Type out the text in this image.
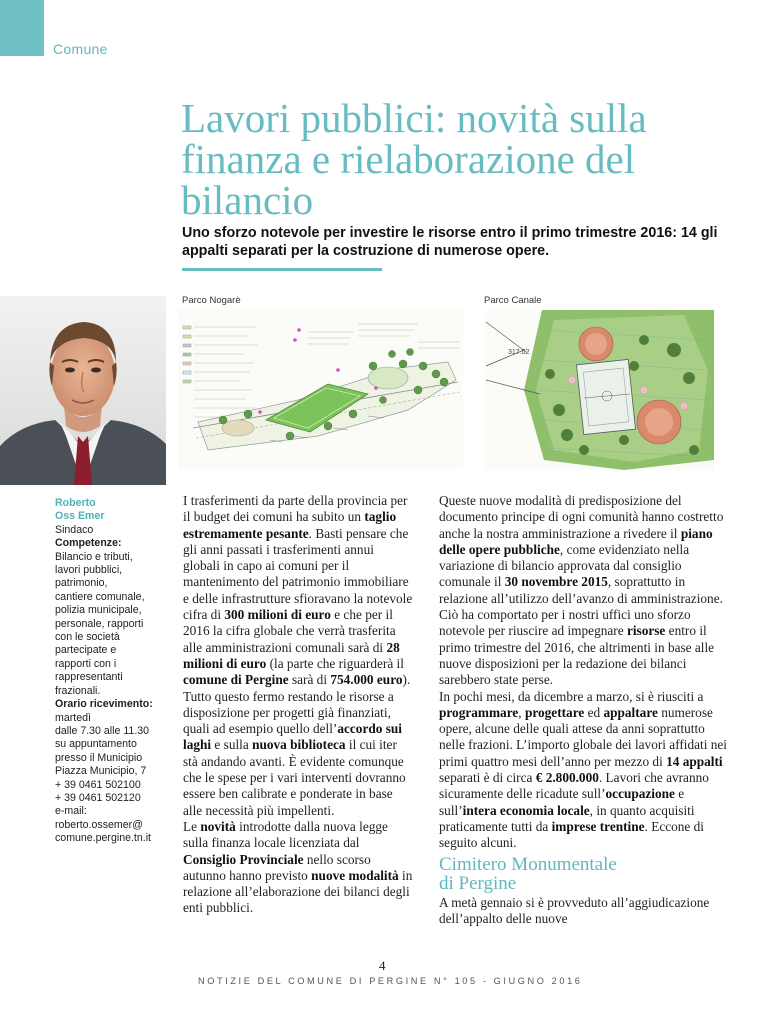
Comune
Lavori pubblici: novità sulla finanza e rielaborazione del bilancio

Uno sforzo notevole per investire le risorse entro il primo trimestre 2016: 14 gli appalti separati per la costruzione di numerose opere.

Parco Nogarè	Parco Canale
317.02
Roberto
Oss Emer
Sindaco
Competenze:
Bilancio e tributi,
lavori pubblici,
patrimonio,
cantiere comunale,
polizia municipale,
personale, rapporti
con le società
partecipate e
rapporti con i
rappresentanti
frazionali.
Orario ricevimento:
martedì
dalle 7.30 alle 11.30
su appuntamento
presso il Municipio
Piazza Municipio, 7
+ 39 0461 502100
+ 39 0461 502120
e-mail:
roberto.ossemer@
comune.pergine.tn.it

I trasferimenti da parte della provincia per il budget dei comuni ha subito un taglio estremamente pesante. Basti pensare che gli anni passati i trasferimenti annui globali in capo ai comuni per il mantenimento del patrimonio immobiliare e delle infrastrutture sfioravano la notevole cifra di 300 milioni di euro e che per il 2016 la cifra globale che verrà trasferita alle amministrazioni comunali sarà di 28 milioni di euro (la parte che riguarderà il comune di Pergine sarà di 754.000 euro). Tutto questo fermo restando le risorse a disposizione per progetti già finanziati, quali ad esempio quello dell’accordo sui laghi e sulla nuova biblioteca il cui iter stà andando avanti. È evidente comunque che le spese per i vari interventi dovranno essere ben calibrate e ponderate in base alle necessità più impellenti.

Le novità introdotte dalla nuova legge sulla finanza locale licenziata dal Consiglio Provinciale nello scorso autunno hanno previsto nuove modalità in relazione all’elaborazione dei bilanci degli enti pubblici.

Queste nuove modalità di predisposizione del documento principe di ogni comunità hanno costretto anche la nostra amministrazione a rivedere il piano delle opere pubbliche, come evidenziato nella variazione di bilancio approvata dal consiglio comunale il 30 novembre 2015, soprattutto in relazione all’utilizzo dell’avanzo di amministrazione.

Ciò ha comportato per i nostri uffici uno sforzo notevole per riuscire ad impegnare risorse entro il primo trimestre del 2016, che altrimenti in base alle nuove disposizioni per la redazione dei bilanci sarebbero state perse.

In pochi mesi, da dicembre a marzo, si è riusciti a programmare, progettare ed appaltare numerose opere, alcune delle quali attese da anni soprattutto nelle frazioni. L’importo globale dei lavori affidati nei primi quattro mesi dell’anno per mezzo di 14 appalti separati è di circa € 2.800.000. Lavori che avranno sicuramente delle ricadute sull’occupazione e sull’intera economia locale, in quanto acquisiti praticamente tutti da imprese trentine. Eccone di seguito alcuni.

Cimitero Monumentale
di Pergine

A metà gennaio si è provveduto all’aggiudicazione dell’appalto delle nuove

4
NOTIZIE DEL COMUNE DI PERGINE N° 105 - GIUGNO 2016
